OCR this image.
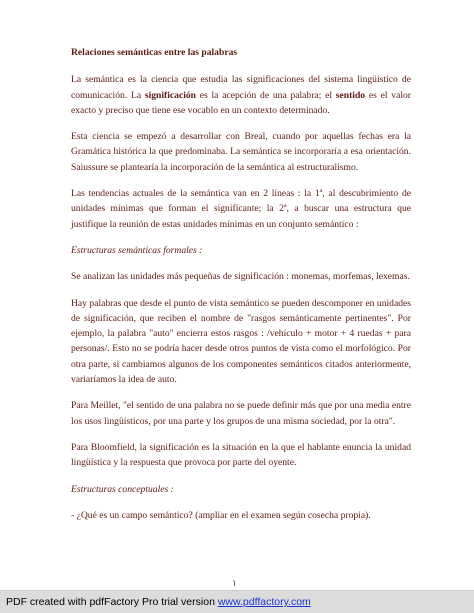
Relaciones semánticas entre las palabras

La semántica es la ciencia que estudia las significaciones del sistema lingüístico de comunicación. La significación es la acepción de una palabra; el sentido es el valor exacto y preciso que tiene ese vocablo en un contexto determinado.

Esta ciencia se empezó a desarrollar con Breal, cuando por aquellas fechas era la Gramática histórica la que predominaba. La semántica se incorporaría a esa orientación. Saiussure se plantearía la incorporación de la semántica al estructuralismo.

Las tendencias actuales de la semántica van en 2 líneas : la 1ª, al descubrimiento de unidades mínimas que forman el significante; la 2ª, a buscar una estructura que justifique la reunión de estas unidades mínimas en un conjunto semántico :

Estructuras semánticas formales :

Se analizan las unidades más pequeñas de significación : monemas, morfemas, lexemas.

Hay palabras que desde el punto de vista semántico se pueden descomponer en unidades de significación, que reciben el nombre de "rasgos semánticamente pertinentes". Por ejemplo, la palabra "auto" encierra estos rasgos : /vehículo + motor + 4 ruedas + para personas/. Esto no se podría hacer desde otros puntos de vista como el morfológico. Por otra parte, si cambiamos algunos de los componentes semánticos citados anteriormente, variaríamos la idea de auto.

Para Meillet, "el sentido de una palabra no se puede definir más que por una media entre los usos lingüísticos, por una parte y los grupos de una misma sociedad, por la otra".

Para Bloomfield, la significación es la situación en la que el hablante enuncia la unidad lingüística y la respuesta que provoca por parte del oyente.

Estructuras conceptuales :

- ¿Qué es un campo semántico? (ampliar en el examen según cosecha propia).

١
PDF created with pdfFactory Pro trial version www.pdffactory.com
